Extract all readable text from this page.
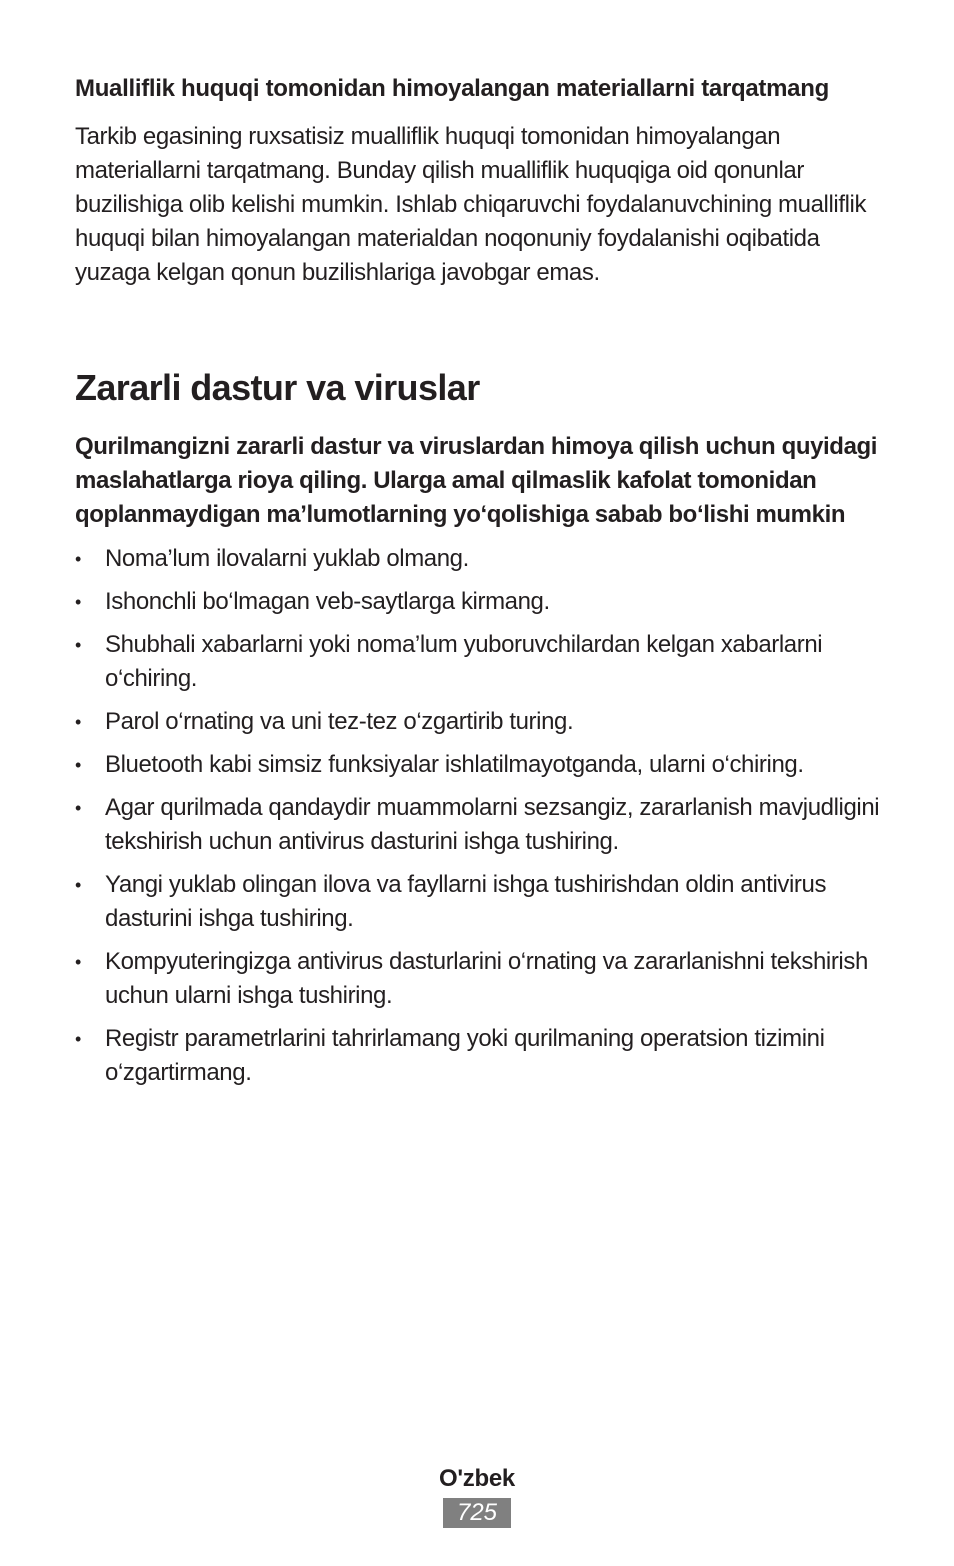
Mualliflik huquqi tomonidan himoyalangan materiallarni tarqatmang

Tarkib egasining ruxsatisiz mualliflik huquqi tomonidan himoyalangan materiallarni tarqatmang. Bunday qilish mualliflik huquqiga oid qonunlar buzilishiga olib kelishi mumkin. Ishlab chiqaruvchi foydalanuvchining mualliflik huquqi bilan himoyalangan materialdan noqonuniy foydalanishi oqibatida yuzaga kelgan qonun buzilishlariga javobgar emas.

Zararli dastur va viruslar

Qurilmangizni zararli dastur va viruslardan himoya qilish uchun quyidagi maslahatlarga rioya qiling. Ularga amal qilmaslik kafolat tomonidan qoplanmaydigan ma’lumotlarning yo‘qolishiga sabab bo‘lishi mumkin

• Noma’lum ilovalarni yuklab olmang.
• Ishonchli bo‘lmagan veb-saytlarga kirmang.
• Shubhali xabarlarni yoki noma’lum yuboruvchilardan kelgan xabarlarni o‘chiring.
• Parol o‘rnating va uni tez-tez o‘zgartirib turing.
• Bluetooth kabi simsiz funksiyalar ishlatilmayotganda, ularni o‘chiring.
• Agar qurilmada qandaydir muammolarni sezsangiz, zararlanish mavjudligini tekshirish uchun antivirus dasturini ishga tushiring.
• Yangi yuklab olingan ilova va fayllarni ishga tushirishdan oldin antivirus dasturini ishga tushiring.
• Kompyuteringizga antivirus dasturlarini o‘rnating va zararlanishni tekshirish uchun ularni ishga tushiring.
• Registr parametrlarini tahrirlamang yoki qurilmaning operatsion tizimini o‘zgartirmang.
O'zbek
725
